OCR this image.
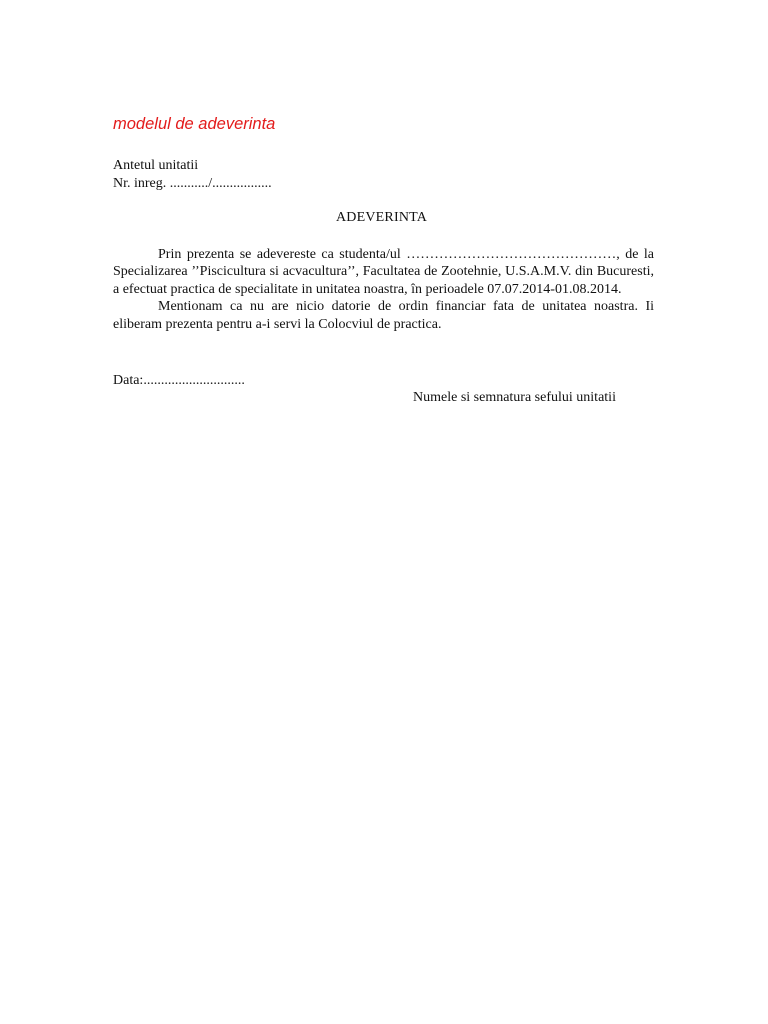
modelul de adeverinta
Antetul unitatii
Nr. inreg. .........../.................
ADEVERINTA

Prin prezenta se adevereste ca studenta/ul ………………………………………, de la Specializarea ’’Piscicultura si acvacultura’’, Facultatea de Zootehnie, U.S.A.M.V. din Bucuresti, a efectuat practica de specialitate in unitatea noastra, în perioadele 07.07.2014-01.08.2014.

Mentionam ca nu are nicio datorie de ordin financiar fata de unitatea noastra. Ii eliberam prezenta pentru a-i servi la Colocviul de practica.

Data:.............................
Numele si semnatura sefului unitatii
